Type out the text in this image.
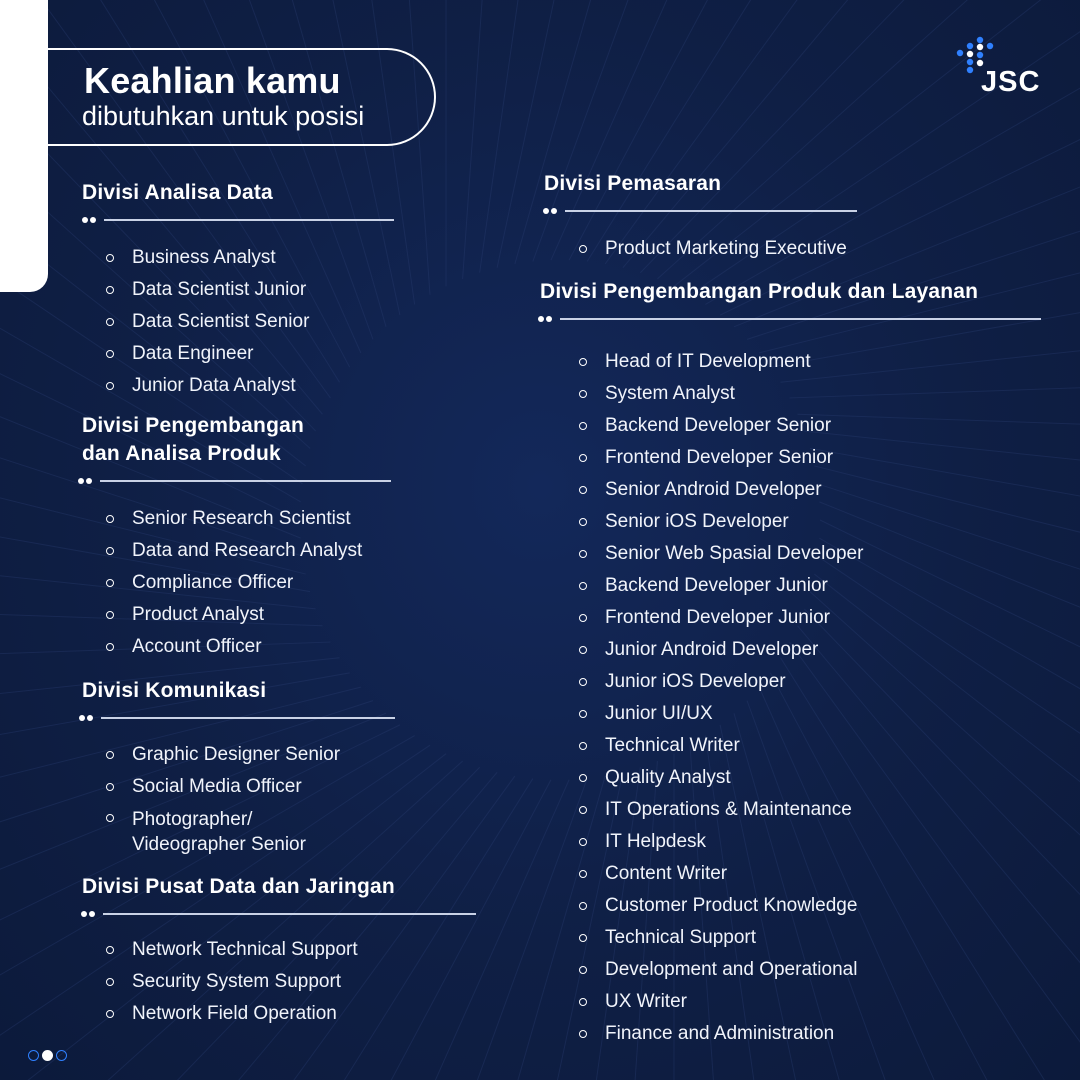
Keahlian kamu
dibutuhkan untuk posisi
JSC
Divisi Analisa Data
Business Analyst
Data Scientist Junior
Data Scientist Senior
Data Engineer
Junior Data Analyst
Divisi Pengembangan
dan Analisa Produk
Senior Research Scientist
Data and Research Analyst
Compliance Officer
Product Analyst
Account Officer
Divisi Komunikasi
Graphic Designer Senior
Social Media Officer
Photographer/
Videographer Senior
Divisi Pusat Data dan Jaringan
Network Technical Support
Security System Support
Network Field Operation
Divisi Pemasaran
Product Marketing Executive
Divisi Pengembangan Produk dan Layanan
Head of IT Development
System Analyst
Backend Developer Senior
Frontend Developer Senior
Senior Android Developer
Senior iOS Developer
Senior Web Spasial Developer
Backend Developer Junior
Frontend Developer Junior
Junior Android Developer
Junior iOS Developer
Junior UI/UX
Technical Writer
Quality Analyst
IT Operations & Maintenance
IT Helpdesk
Content Writer
Customer Product Knowledge
Technical Support
Development and Operational
UX Writer
Finance and Administration
